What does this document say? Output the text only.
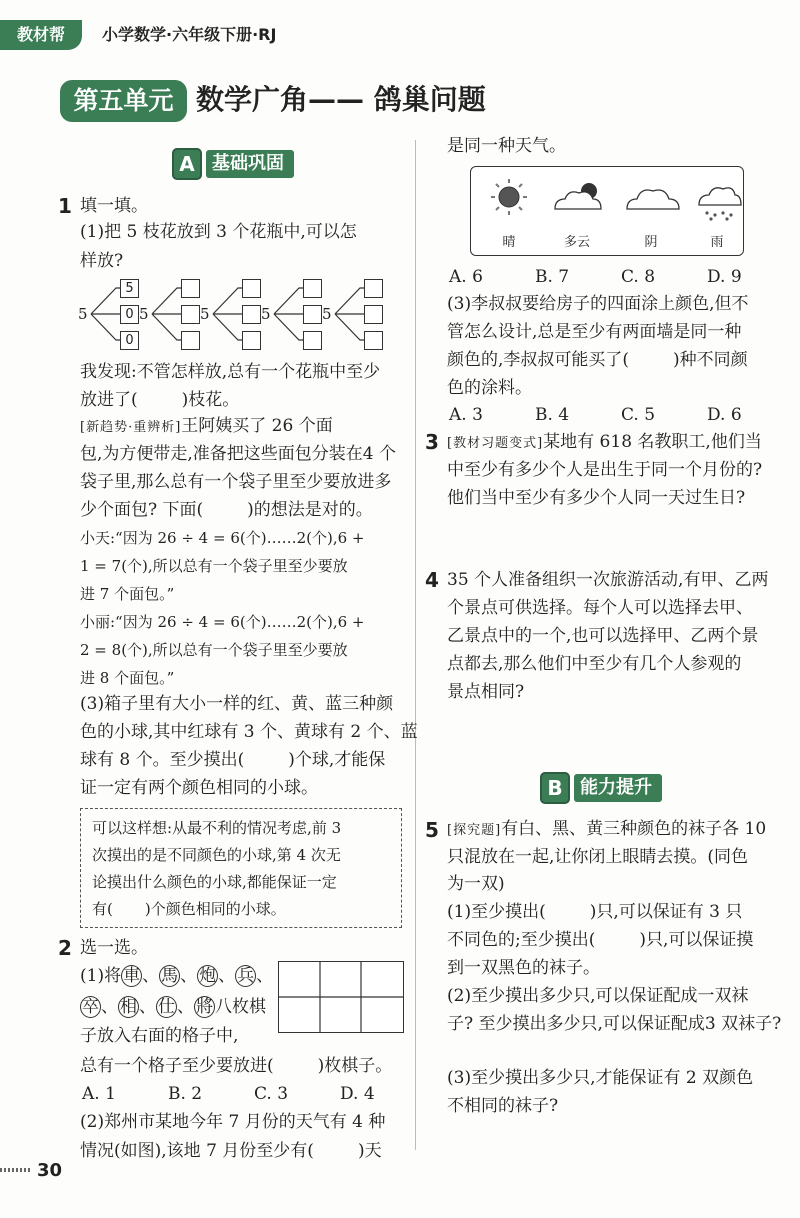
教材帮	小学数学·六年级下册·RJ
第五单元 数学广角—— 鸽巢问题
A 基础巩固
1 填一填。
(1)把 5 枝花放到 3 个花瓶中,可以怎
样放?
5	5	5	5	5
5
0
0
我发现:不管怎样放,总有一个花瓶中至少
放进了(	)枝花。
[新趋势·重辨析]王阿姨买了 26 个面
包,为方便带走,准备把这些面包分装在4 个
袋子里,那么总有一个袋子里至少要放进多
少个面包? 下面(	)的想法是对的。
小天:“因为 26 ÷ 4 = 6(个)……2(个),6 +
1 = 7(个),所以总有一个袋子里至少要放
进 7 个面包。”
小丽:“因为 26 ÷ 4 = 6(个)……2(个),6 +
2 = 8(个),所以总有一个袋子里至少要放
进 8 个面包。”
(3)箱子里有大小一样的红、黄、蓝三种颜
色的小球,其中红球有 3 个、黄球有 2 个、蓝
球有 8 个。至少摸出(	)个球,才能保
证一定有两个颜色相同的小球。
可以这样想:从最不利的情况考虑,前 3
次摸出的是不同颜色的小球,第 4 次无
论摸出什么颜色的小球,都能保证一定
有( )个颜色相同的小球。
2 选一选。
(1)将 車 、 馬 、 炮 、 兵 、
卒 、 相 、 仕 、 將 八枚棋
子放入右面的格子中,
总有一个格子至少要放进(	)枚棋子。
A. 1	B. 2	C. 3	D. 4
(2)郑州市某地今年 7 月份的天气有 4 种
情况(如图),该地 7 月份至少有(	)天
30
是同一种天气。
晴	多云	阴	雨
A. 6	B. 7	C. 8	D. 9
(3)李叔叔要给房子的四面涂上颜色,但不
管怎么设计,总是至少有两面墙是同一种
颜色的,李叔叔可能买了(	)种不同颜
色的涂料。
A. 3	B. 4	C. 5	D. 6
3 [教材习题变式]某地有 618 名教职工,他们当
中至少有多少个人是出生于同一个月份的?
他们当中至少有多少个人同一天过生日?
4 35 个人准备组织一次旅游活动,有甲、乙两
个景点可供选择。每个人可以选择去甲、
乙景点中的一个,也可以选择甲、乙两个景
点都去,那么他们中至少有几个人参观的
景点相同?
B 能力提升
5 [探究题]有白、黑、黄三种颜色的袜子各 10
只混放在一起,让你闭上眼睛去摸。(同色
为一双)
(1)至少摸出(	)只,可以保证有 3 只
不同色的;至少摸出(	)只,可以保证摸
到一双黑色的袜子。
(2)至少摸出多少只,可以保证配成一双袜
子? 至少摸出多少只,可以保证配成3 双袜子?
(3)至少摸出多少只,才能保证有 2 双颜色
不相同的袜子?
